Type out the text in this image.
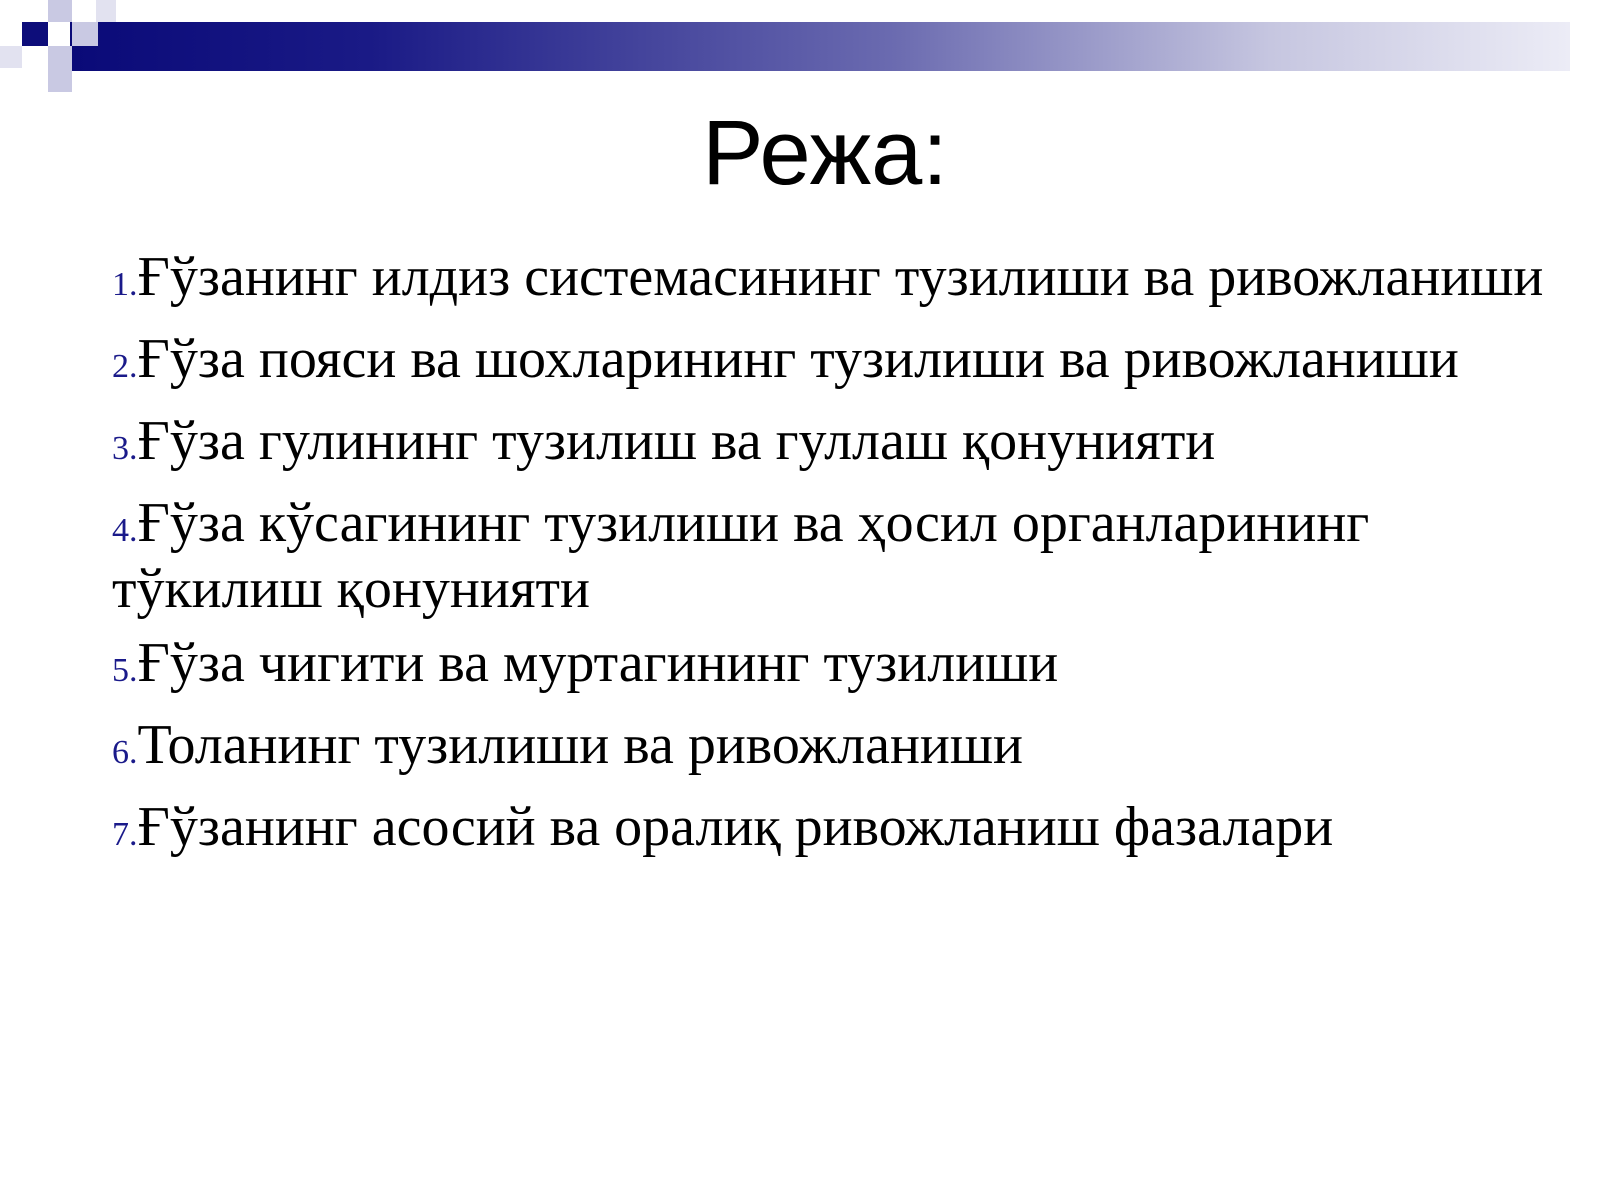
Режа:
1.Ғўзанинг илдиз системасининг тузилиши ва ривожланиши
2.Ғўза пояси ва шохларининг тузилиши ва ривожланиши
3.Ғўза гулининг тузилиш ва гуллаш қонунияти
4.Ғўза кўсагининг тузилиши ва ҳосил органларининг тўкилиш қонунияти
5.Ғўза чигити ва муртагининг тузилиши
6.Толанинг тузилиши ва ривожланиши
7.Ғўзанинг асосий ва оралиқ ривожланиш фазалари
